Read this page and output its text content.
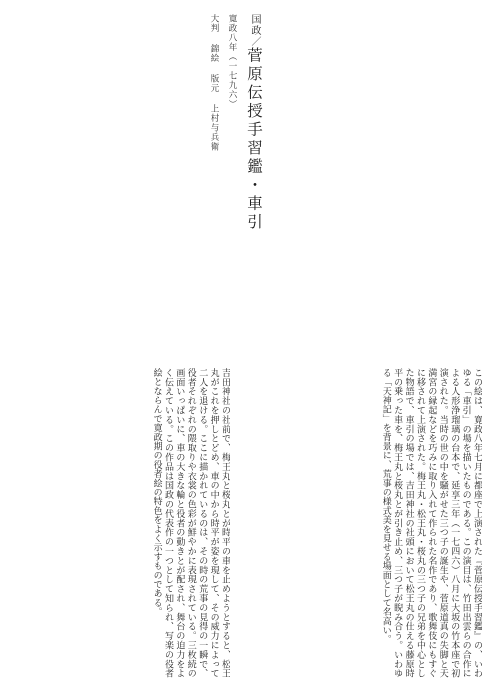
国政／菅原伝授手習鑑・車引
寛政八年（一七九六）
大判 錦絵 版元 上村与兵衛
この絵は、寛政八年七月に都座で上演された『菅原伝授手習鑑』の、いわゆる「車引」の場を描いたものである。この演目は、竹田出雲らの合作による人形浄瑠璃の台本で、延享三年（一七四六）八月に大坂の竹本座で初演された。当時の世の中を騒がせた三つ子の誕生や、菅原道真の失脚と天満宮の縁起などを巧みに取り入れて作られた名作であり、歌舞伎にもすぐに移されて上演された。梅王丸・松王丸・桜丸の三つ子の兄弟を中心とした物語で、車引の場では、吉田神社の社頭において松王丸の仕える藤原時平の乗った車を、梅王丸と桜丸とが引き止め、三つ子が睨み合う。いわゆる「天神記」を背景に、荒事の様式美を見せる場面として名高い。
吉田神社の社前で、梅王丸と桜丸とが時平の車を止めようとすると、松王丸がこれを押しとどめ、車の中から時平が姿を現して、その威力によって二人を退ける。ここに描かれているのは、その時の荒事の見得の一瞬で、役者それぞれの隈取りや衣裳の色彩が鮮やかに表現されている。三枚続の画面いっぱいに、車の大きな輪と役者の動きとが配され、舞台の迫力をよく伝えている。この作品は国政の代表作の一つとして知られ、写楽の役者絵とならんで寛政期の役者絵の特色をよく示すものである。
